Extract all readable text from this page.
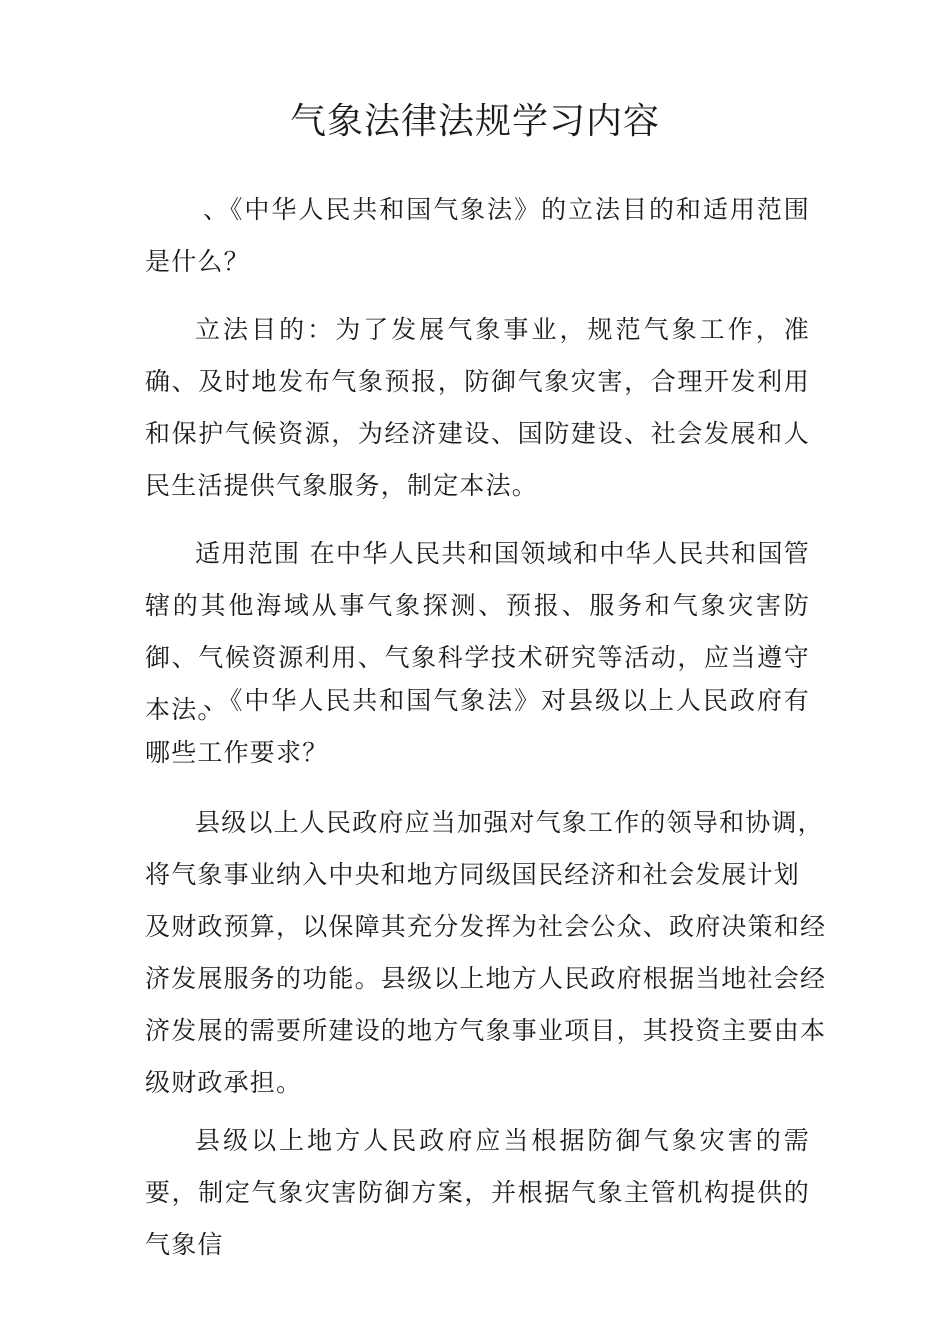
气象法律法规学习内容

、《中华人民共和国气象法》的立法目的和适用范围是什么？

立法目的：为了发展气象事业，规范气象工作，准确、及时地发布气象预报，防御气象灾害，合理开发利用和保护气候资源，为经济建设、国防建设、社会发展和人民生活提供气象服务，制定本法。

适用范围 在中华人民共和国领域和中华人民共和国管辖的其他海域从事气象探测、预报、服务和气象灾害防御、气候资源利用、气象科学技术研究等活动，应当遵守本法。

、《中华人民共和国气象法》对县级以上人民政府有哪些工作要求？

县级以上人民政府应当加强对气象工作的领导和协调，
将气象事业纳入中央和地方同级国民经济和社会发展计划
及财政预算，以保障其充分发挥为社会公众、政府决策和经
济发展服务的功能。县级以上地方人民政府根据当地社会经
济发展的需要所建设的地方气象事业项目，其投资主要由本
级财政承担。

县级以上地方人民政府应当根据防御气象灾害的需要，制定气象灾害防御方案，并根据气象主管机构提供的气象信
